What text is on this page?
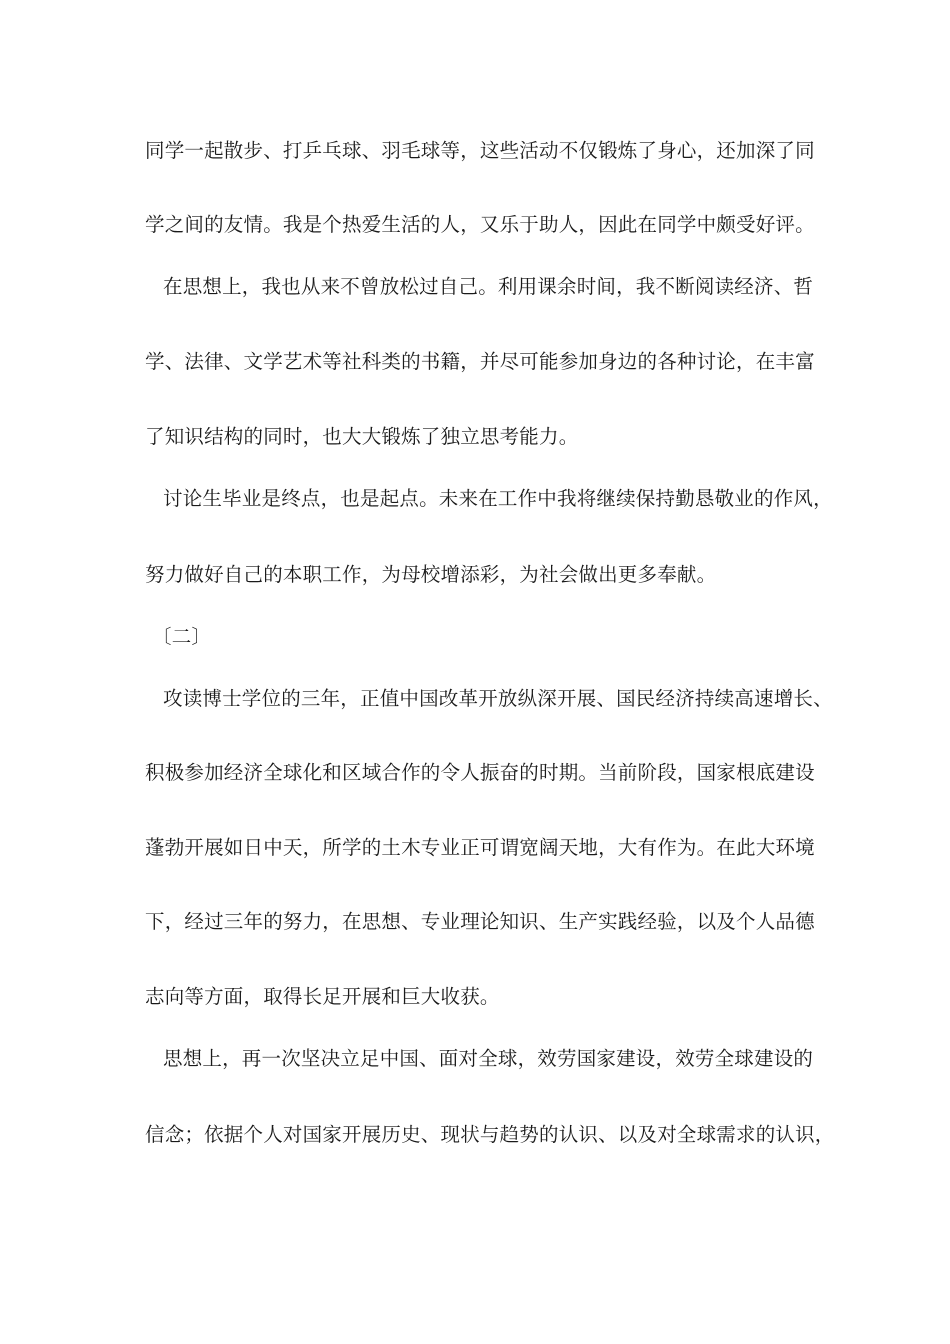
同学一起散步、打乒乓球、羽毛球等，这些活动不仅锻炼了身心，还加深了同
学之间的友情。我是个热爱生活的人，又乐于助人，因此在同学中颇受好评。
在思想上，我也从来不曾放松过自己。利用课余时间，我不断阅读经济、哲
学、法律、文学艺术等社科类的书籍，并尽可能参加身边的各种讨论，在丰富
了知识结构的同时，也大大锻炼了独立思考能力。
讨论生毕业是终点，也是起点。未来在工作中我将继续保持勤恳敬业的作风，
努力做好自己的本职工作，为母校增添彩，为社会做出更多奉献。
〔二〕
攻读博士学位的三年，正值中国改革开放纵深开展、国民经济持续高速增长、
积极参加经济全球化和区域合作的令人振奋的时期。当前阶段，国家根底建设
蓬勃开展如日中天，所学的土木专业正可谓宽阔天地，大有作为。在此大环境
下，经过三年的努力，在思想、专业理论知识、生产实践经验，以及个人品德
志向等方面，取得长足开展和巨大收获。
思想上，再一次坚决立足中国、面对全球，效劳国家建设，效劳全球建设的
信念；依据个人对国家开展历史、现状与趋势的认识、以及对全球需求的认识，
